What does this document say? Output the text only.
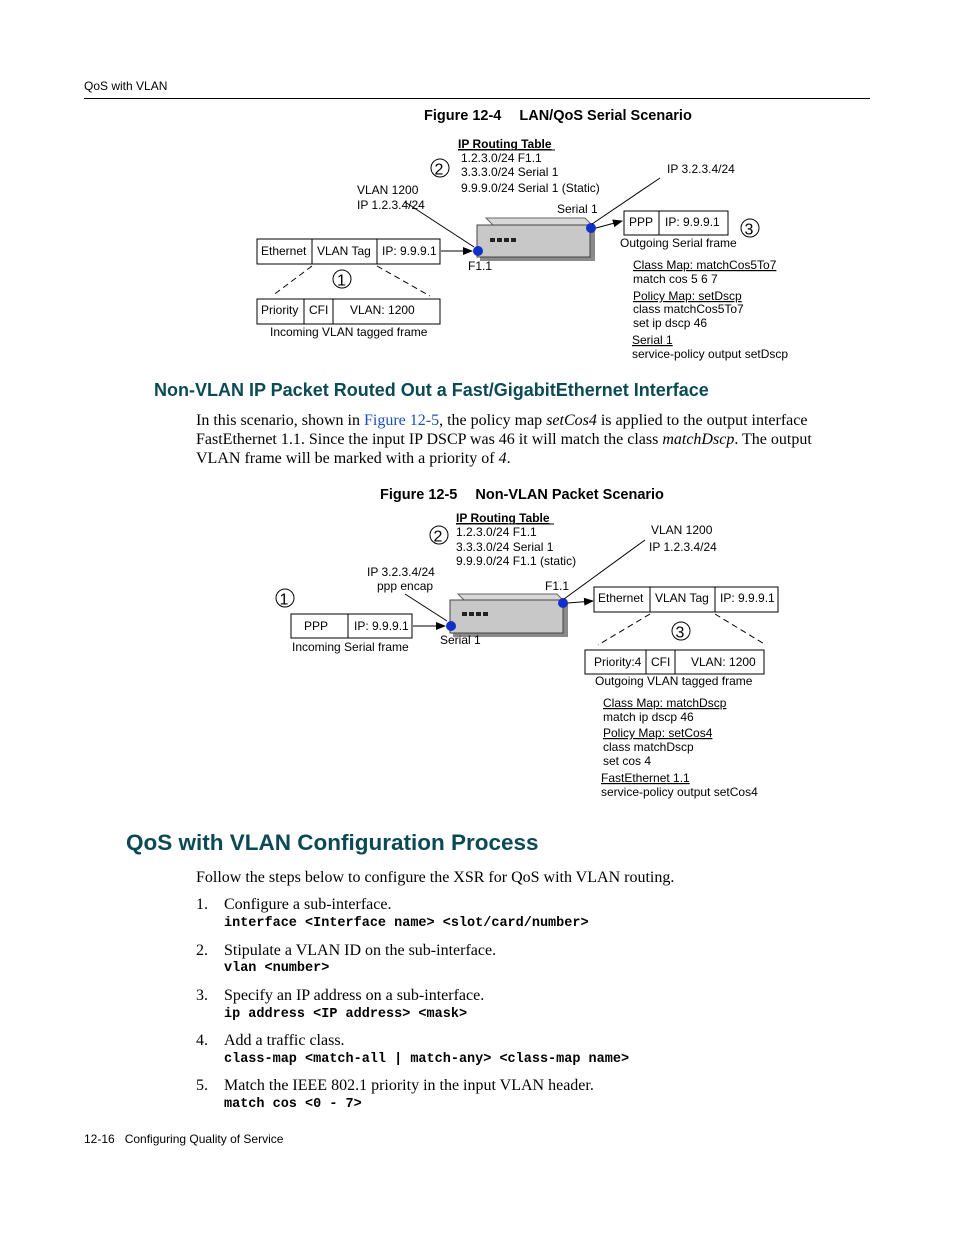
QoS with VLAN
Figure 12-4 LAN/QoS Serial Scenario
IP Routing Table
1.2.3.0/24 F1.1
3.3.3.0/24 Serial 1
9.9.9.0/24 Serial 1 (Static)
2
VLAN 1200
IP 1.2.3.4/24
IP 3.2.3.4/24
Serial 1
F1.1
Ethernet VLAN Tag IP: 9.9.9.1
1
Priority CFI VLAN: 1200
Incoming VLAN tagged frame
PPP IP: 9.9.9.1 3
Outgoing Serial frame
Class Map: matchCos5To7
match cos 5 6 7
Policy Map: setDscp
class matchCos5To7
set ip dscp 46
Serial 1
service-policy output setDscp
Non-VLAN IP Packet Routed Out a Fast/GigabitEthernet Interface
In this scenario, shown in Figure 12-5, the policy map setCos4 is applied to the output interface FastEthernet 1.1. Since the input IP DSCP was 46 it will match the class matchDscp. The output VLAN frame will be marked with a priority of 4.
Figure 12-5 Non-VLAN Packet Scenario
IP Routing Table
1.2.3.0/24 F1.1
3.3.3.0/24 Serial 1
9.9.9.0/24 F1.1 (static)
2
IP 3.2.3.4/24
ppp encap
VLAN 1200
IP 1.2.3.4/24
F1.1
Serial 1
1
PPP IP: 9.9.9.1
Incoming Serial frame
Ethernet VLAN Tag IP: 9.9.9.1
3
Priority:4 CFI VLAN: 1200
Outgoing VLAN tagged frame
Class Map: matchDscp
match ip dscp 46
Policy Map: setCos4
class matchDscp
set cos 4
FastEthernet 1.1
service-policy output setCos4
QoS with VLAN Configuration Process
Follow the steps below to configure the XSR for QoS with VLAN routing.
1. Configure a sub-interface.
interface <Interface name> <slot/card/number>
2. Stipulate a VLAN ID on the sub-interface.
vlan <number>
3. Specify an IP address on a sub-interface.
ip address <IP address> <mask>
4. Add a traffic class.
class-map <match-all | match-any> <class-map name>
5. Match the IEEE 802.1 priority in the input VLAN header.
match cos <0 - 7>
12-16 Configuring Quality of Service
